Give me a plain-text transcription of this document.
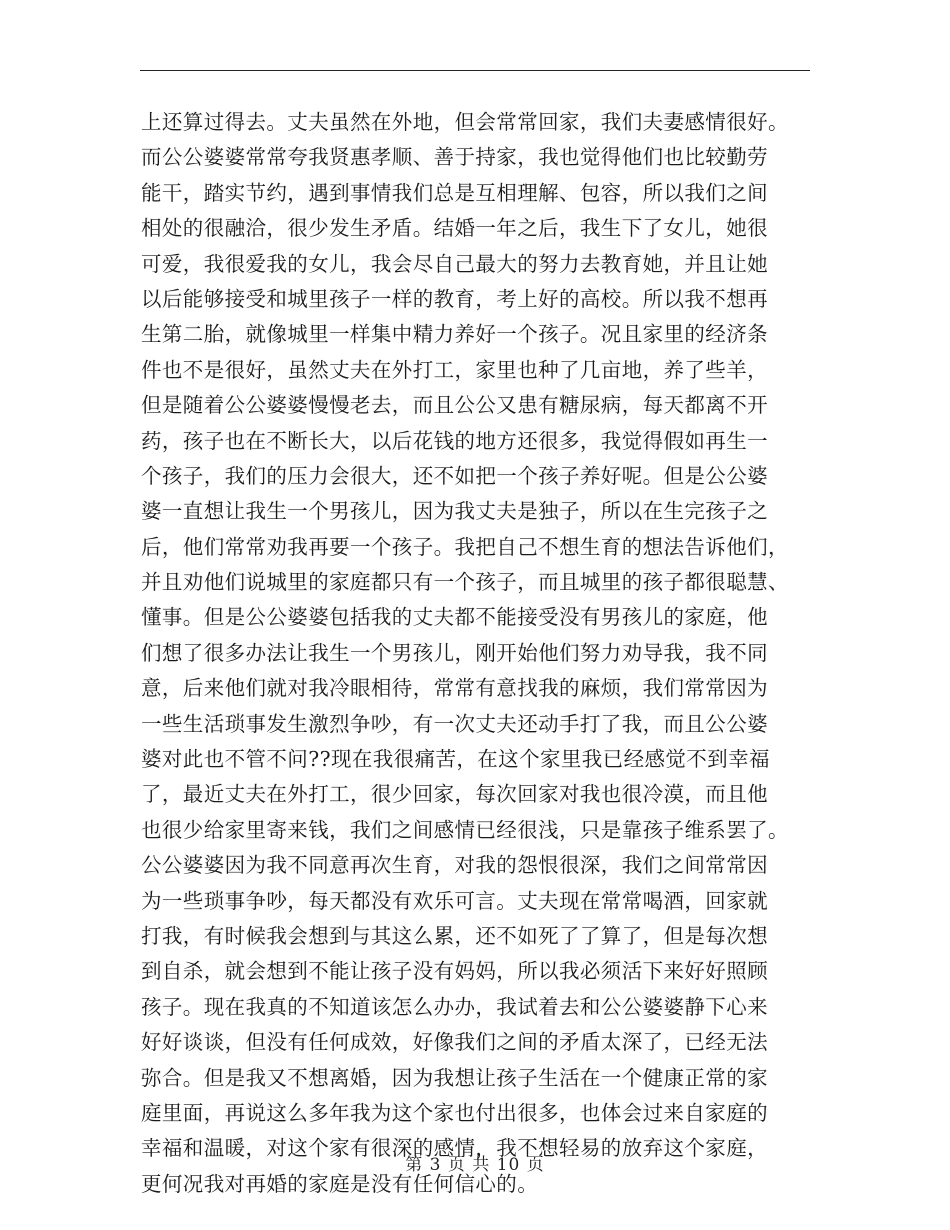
上还算过得去。丈夫虽然在外地，但会常常回家，我们夫妻感情很好。
而公公婆婆常常夸我贤惠孝顺、善于持家，我也觉得他们也比较勤劳
能干，踏实节约，遇到事情我们总是互相理解、包容，所以我们之间
相处的很融洽，很少发生矛盾。结婚一年之后，我生下了女儿，她很
可爱，我很爱我的女儿，我会尽自己最大的努力去教育她，并且让她
以后能够接受和城里孩子一样的教育，考上好的高校。所以我不想再
生第二胎，就像城里一样集中精力养好一个孩子。况且家里的经济条
件也不是很好，虽然丈夫在外打工，家里也种了几亩地，养了些羊，
但是随着公公婆婆慢慢老去，而且公公又患有糖尿病，每天都离不开
药，孩子也在不断长大，以后花钱的地方还很多，我觉得假如再生一
个孩子，我们的压力会很大，还不如把一个孩子养好呢。但是公公婆
婆一直想让我生一个男孩儿，因为我丈夫是独子，所以在生完孩子之
后，他们常常劝我再要一个孩子。我把自己不想生育的想法告诉他们，
并且劝他们说城里的家庭都只有一个孩子，而且城里的孩子都很聪慧、
懂事。但是公公婆婆包括我的丈夫都不能接受没有男孩儿的家庭，他
们想了很多办法让我生一个男孩儿，刚开始他们努力劝导我，我不同
意，后来他们就对我冷眼相待，常常有意找我的麻烦，我们常常因为
一些生活琐事发生激烈争吵，有一次丈夫还动手打了我，而且公公婆
婆对此也不管不问??现在我很痛苦，在这个家里我已经感觉不到幸福
了，最近丈夫在外打工，很少回家，每次回家对我也很冷漠，而且他
也很少给家里寄来钱，我们之间感情已经很浅，只是靠孩子维系罢了。
公公婆婆因为我不同意再次生育，对我的怨恨很深，我们之间常常因
为一些琐事争吵，每天都没有欢乐可言。丈夫现在常常喝酒，回家就
打我，有时候我会想到与其这么累，还不如死了了算了，但是每次想
到自杀，就会想到不能让孩子没有妈妈，所以我必须活下来好好照顾
孩子。现在我真的不知道该怎么办办，我试着去和公公婆婆静下心来
好好谈谈，但没有任何成效，好像我们之间的矛盾太深了，已经无法
弥合。但是我又不想离婚，因为我想让孩子生活在一个健康正常的家
庭里面，再说这么多年我为这个家也付出很多，也体会过来自家庭的
幸福和温暖，对这个家有很深的感情，我不想轻易的放弃这个家庭，
更何况我对再婚的家庭是没有任何信心的。
第 3 页 共 10 页
